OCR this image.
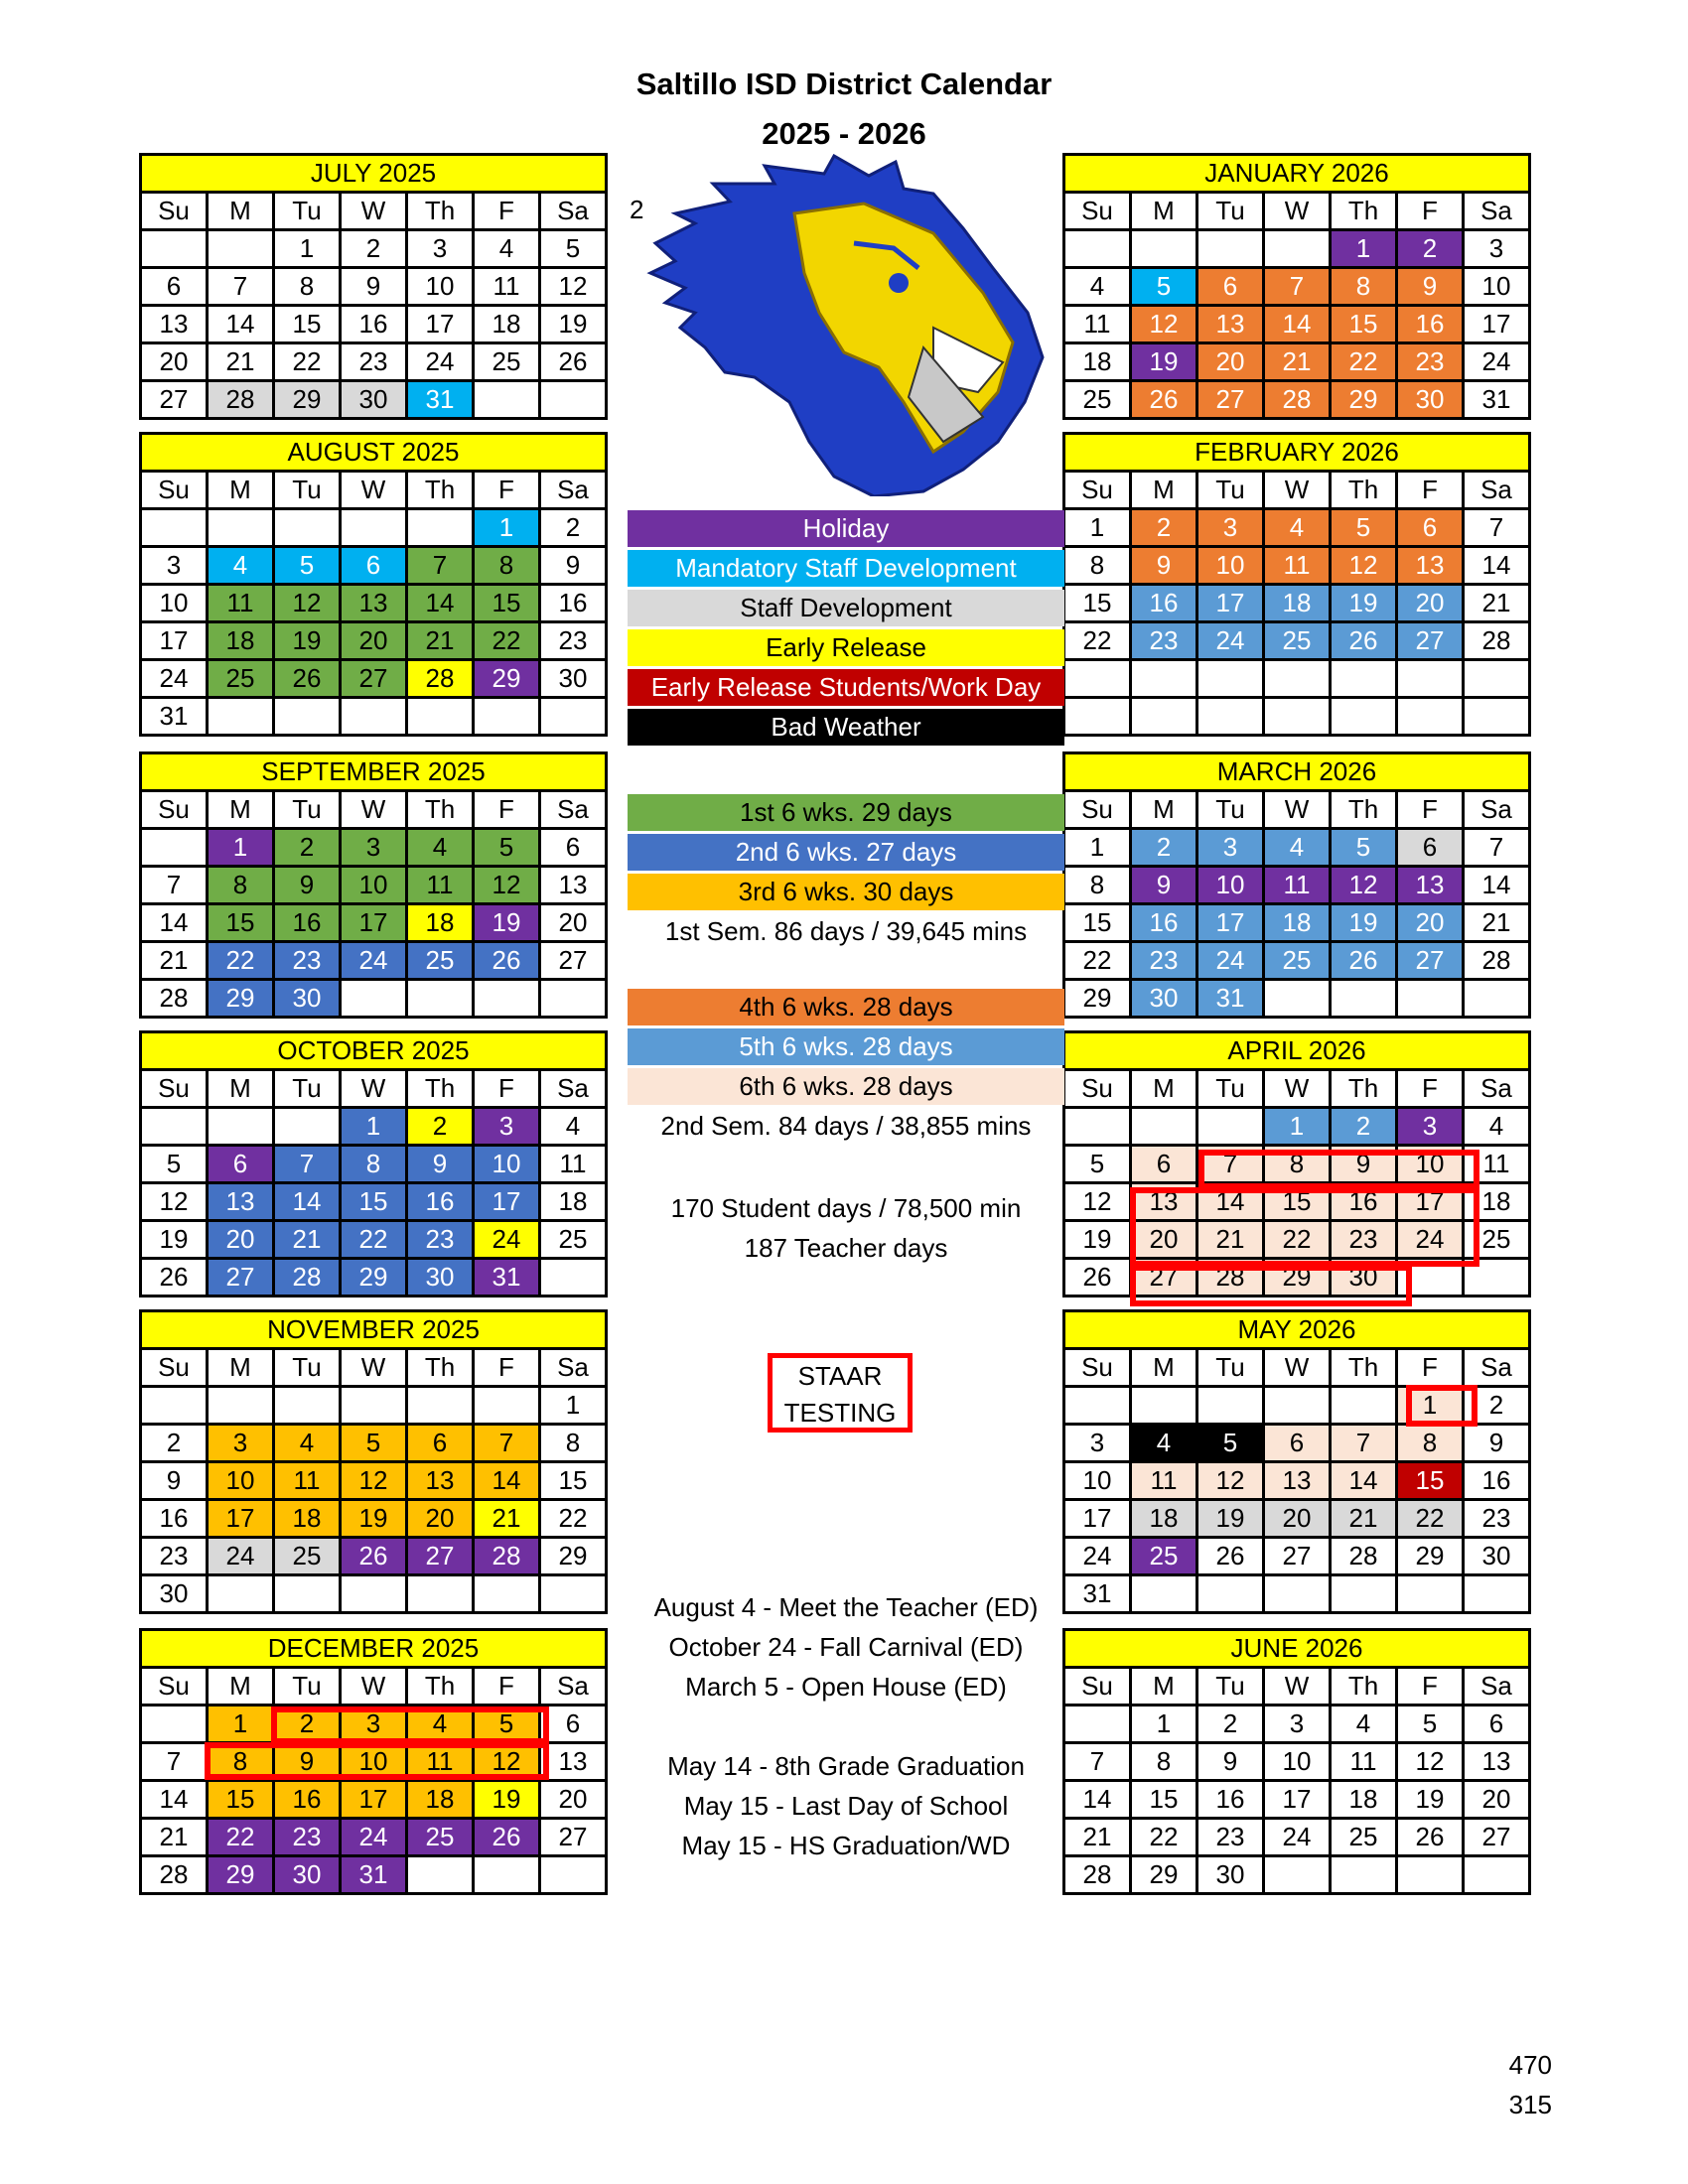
Saltillo ISD District Calendar
2025 - 2026
JULY 2025						
Su	M	Tu	W	Th	F	Sa
		1	2	3	4	5
6	7	8	9	10	11	12
13	14	15	16	17	18	19
20	21	22	23	24	25	26
27	28	29	30	31		
AUGUST 2025						
Su	M	Tu	W	Th	F	Sa
					1	2
3	4	5	6	7	8	9
10	11	12	13	14	15	16
17	18	19	20	21	22	23
24	25	26	27	28	29	30
31						
SEPTEMBER 2025						
Su	M	Tu	W	Th	F	Sa
	1	2	3	4	5	6
7	8	9	10	11	12	13
14	15	16	17	18	19	20
21	22	23	24	25	26	27
28	29	30				
OCTOBER 2025						
Su	M	Tu	W	Th	F	Sa
			1	2	3	4
5	6	7	8	9	10	11
12	13	14	15	16	17	18
19	20	21	22	23	24	25
26	27	28	29	30	31	
NOVEMBER 2025						
Su	M	Tu	W	Th	F	Sa
						1
2	3	4	5	6	7	8
9	10	11	12	13	14	15
16	17	18	19	20	21	22
23	24	25	26	27	28	29
30						
DECEMBER 2025						
Su	M	Tu	W	Th	F	Sa
	1	2	3	4	5	6
7	8	9	10	11	12	13
14	15	16	17	18	19	20
21	22	23	24	25	26	27
28	29	30	31			
JANUARY 2026						
Su	M	Tu	W	Th	F	Sa
				1	2	3
4	5	6	7	8	9	10
11	12	13	14	15	16	17
18	19	20	21	22	23	24
25	26	27	28	29	30	31
FEBRUARY 2026						
Su	M	Tu	W	Th	F	Sa
1	2	3	4	5	6	7
8	9	10	11	12	13	14
15	16	17	18	19	20	21
22	23	24	25	26	27	28

MARCH 2026						
Su	M	Tu	W	Th	F	Sa
1	2	3	4	5	6	7
8	9	10	11	12	13	14
15	16	17	18	19	20	21
22	23	24	25	26	27	28
29	30	31				
APRIL 2026						
Su	M	Tu	W	Th	F	Sa
			1	2	3	4
5	6	7	8	9	10	11
12	13	14	15	16	17	18
19	20	21	22	23	24	25
26	27	28	29	30		
MAY 2026						
Su	M	Tu	W	Th	F	Sa
					1	2
3	4	5	6	7	8	9
10	11	12	13	14	15	16
17	18	19	20	21	22	23
24	25	26	27	28	29	30
31						
JUNE 2026						
Su	M	Tu	W	Th	F	Sa
	1	2	3	4	5	6
7	8	9	10	11	12	13
14	15	16	17	18	19	20
21	22	23	24	25	26	27
28	29	30				
2
Holiday
Mandatory Staff Development
Staff Development
Early Release
Early Release Students/Work Day
Bad Weather
1st 6 wks. 29 days
2nd 6 wks. 27 days
3rd 6 wks. 30 days
1st Sem. 86 days / 39,645 mins
4th 6 wks. 28 days
5th 6 wks. 28 days
6th 6 wks. 28 days
2nd Sem. 84 days / 38,855 mins
170 Student days / 78,500 min
187 Teacher days
STAAR
TESTING
August 4 - Meet the Teacher (ED)
October 24 - Fall Carnival (ED)
March 5 - Open House (ED)
May 14 - 8th Grade Graduation
May 15 - Last Day of School
May 15 - HS Graduation/WD
470
315
